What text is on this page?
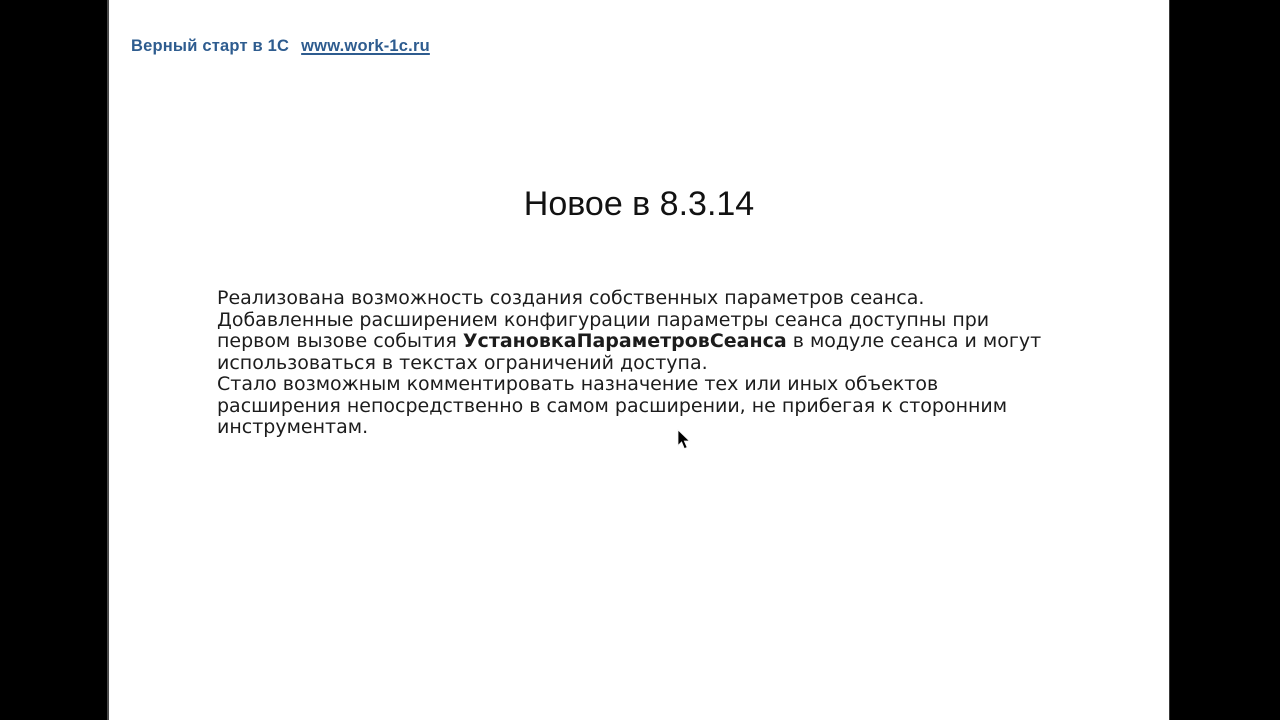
Верный старт в 1С www.work-1c.ru
Новое в 8.3.14
Реализована возможность создания собственных параметров сеанса.
Добавленные расширением конфигурации параметры сеанса доступны при
первом вызове события УстановкаПараметровСеанса в модуле сеанса и могут
использоваться в текстах ограничений доступа.
Стало возможным комментировать назначение тех или иных объектов
расширения непосредственно в самом расширении, не прибегая к сторонним
инструментам.
